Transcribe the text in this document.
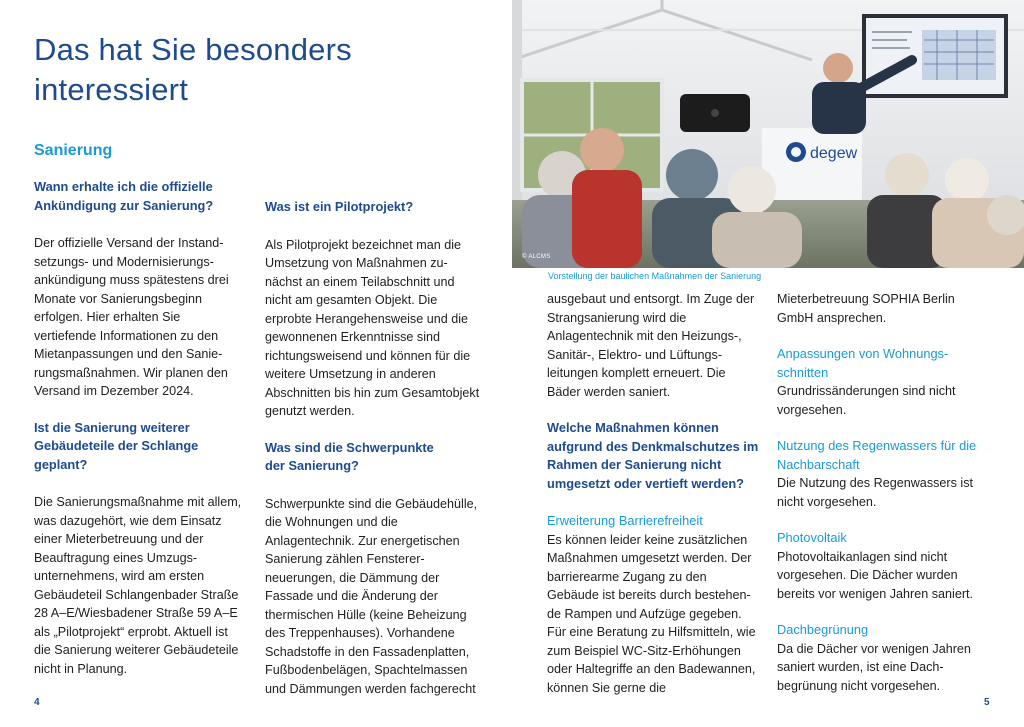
Das hat Sie besonders interessiert
Sanierung

Wann erhalte ich die offizielle Ankündigung zur Sanierung?

Der offizielle Versand der Instandsetzungs- und Modernisierungsankündigung muss spätestens drei Monate vor Sanierungsbeginn erfolgen. Hier erhalten Sie vertiefende Informationen zu den Mietanpassungen und den Sanierungsmaßnahmen. Wir planen den Versand im Dezember 2024.

Ist die Sanierung weiterer Gebäudeteile der Schlange geplant?

Die Sanierungsmaßnahme mit allem, was dazugehört, wie dem Einsatz einer Mieterbetreuung und der Beauftragung eines Umzugsunternehmens, wird am ersten Gebäudeteil Schlangenbader Straße 28 A–E/Wiesbadener Straße 59 A–E als „Pilotprojekt“ erprobt. Aktuell ist die Sanierung weiterer Gebäudeteile nicht in Planung.

Was ist ein Pilotprojekt?

Als Pilotprojekt bezeichnet man die Umsetzung von Maßnahmen zunächst an einem Teilabschnitt und nicht am gesamten Objekt. Die erprobte Herangehensweise und die gewonnenen Erkenntnisse sind richtungsweisend und können für die weitere Umsetzung in anderen Abschnitten bis hin zum Gesamtobjekt genutzt werden.

Was sind die Schwerpunkte der Sanierung?

Schwerpunkte sind die Gebäudehülle, die Wohnungen und die Anlagentechnik. Zur energetischen Sanierung zählen Fenstererneuerungen, die Dämmung der Fassade und die Änderung der thermischen Hülle (keine Beheizung des Treppenhauses). Vorhandene Schadstoffe in den Fassadenplatten, Fußbodenbelägen, Spachtelmassen und Dämmungen werden fachgerecht

4
degew
© ALCMS
Vorstellung der baulichen Maßnahmen der Sanierung

ausgebaut und entsorgt. Im Zuge der Strangsanierung wird die Anlagentechnik mit den Heizungs-, Sanitär-, Elektro- und Lüftungsleitungen komplett erneuert. Die Bäder werden saniert.

Welche Maßnahmen können aufgrund des Denkmalschutzes im Rahmen der Sanierung nicht umgesetzt oder vertieft werden?

Erweiterung Barrierefreiheit

Es können leider keine zusätzlichen Maßnahmen umgesetzt werden. Der barrierearme Zugang zu den Gebäude ist bereits durch bestehende Rampen und Aufzüge gegeben. Für eine Beratung zu Hilfsmitteln, wie zum Beispiel WC-Sitz-Erhöhungen oder Haltegriffe an den Badewannen, können Sie gerne die

Mieterbetreuung SOPHIA Berlin GmbH ansprechen.

Anpassungen von Wohnungsschnitten

Grundrissänderungen sind nicht vorgesehen.

Nutzung des Regenwassers für die Nachbarschaft

Die Nutzung des Regenwassers ist nicht vorgesehen.

Photovoltaik

Photovoltaikanlagen sind nicht vorgesehen. Die Dächer wurden bereits vor wenigen Jahren saniert.

Dachbegrünung

Da die Dächer vor wenigen Jahren saniert wurden, ist eine Dachbegrünung nicht vorgesehen.

5
